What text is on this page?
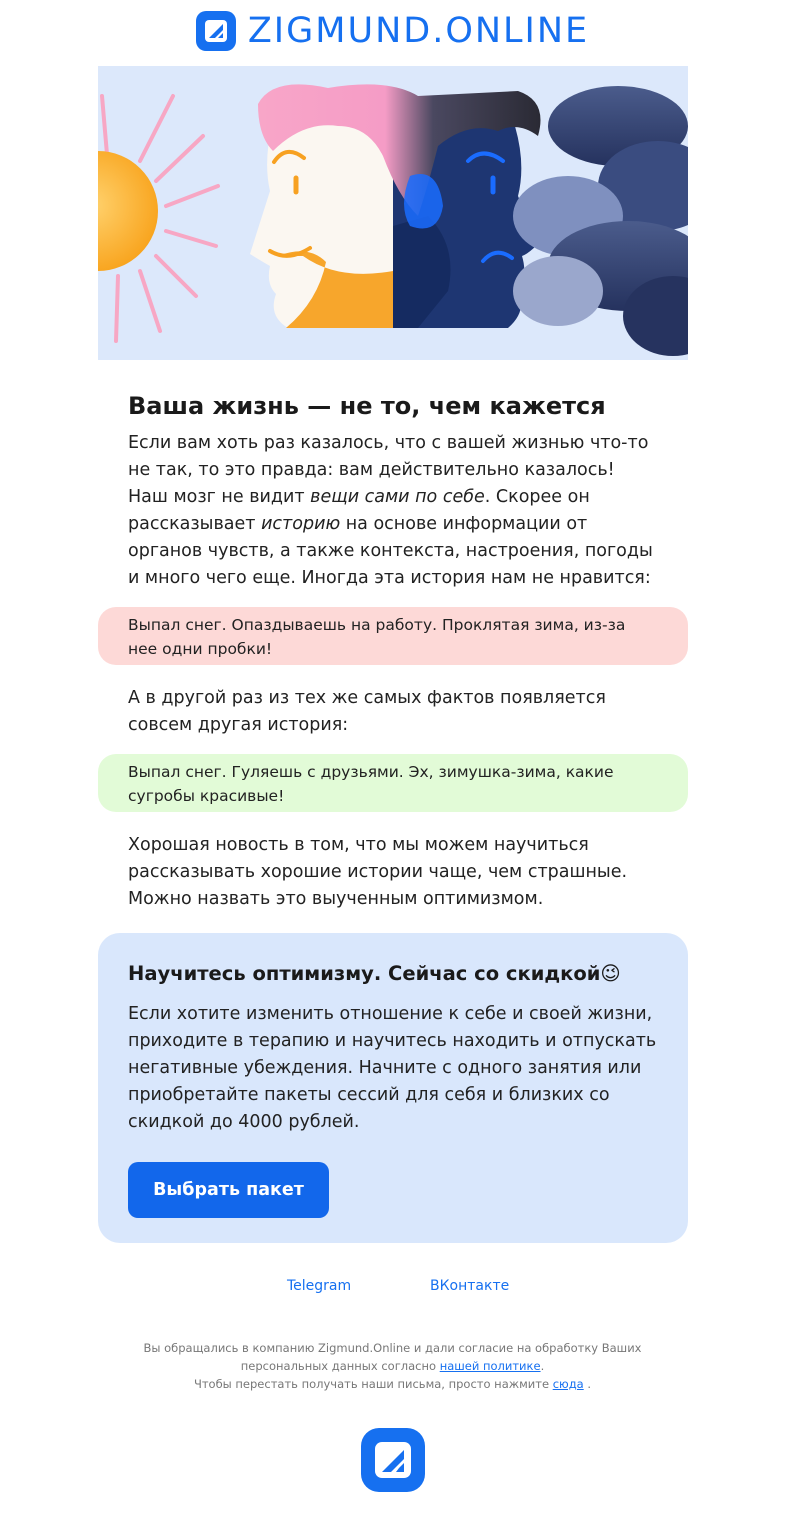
ZIGMUND.ONLINE
Ваша жизнь — не то, чем кажется

Если вам хоть раз казалось, что с вашей жизнью что-то не так, то это правда: вам действительно казалось! Наш мозг не видит вещи сами по себе. Скорее он рассказывает историю на основе информации от органов чувств, а также контекста, настроения, погоды и много чего еще. Иногда эта история нам не нравится:

Выпал снег. Опаздываешь на работу. Проклятая зима, из-за нее одни пробки!

А в другой раз из тех же самых фактов появляется совсем другая история:

Выпал снег. Гуляешь с друзьями. Эх, зимушка-зима, какие сугробы красивые!

Хорошая новость в том, что мы можем научиться рассказывать хорошие истории чаще, чем страшные. Можно назвать это выученным оптимизмом.

Научитесь оптимизму. Сейчас со скидкой😉
Если хотите изменить отношение к себе и своей жизни, приходите в терапию и научитесь находить и отпускать негативные убеждения. Начните с одного занятия или приобретайте пакеты сессий для себя и близких со скидкой до 4000 рублей.
Выбрать пакет
Telegram	ВКонтакте
Вы обращались в компанию Zigmund.Online и дали согласие на обработку Ваших персональных данных согласно нашей политике.
Чтобы перестать получать наши письма, просто нажмите сюда .
